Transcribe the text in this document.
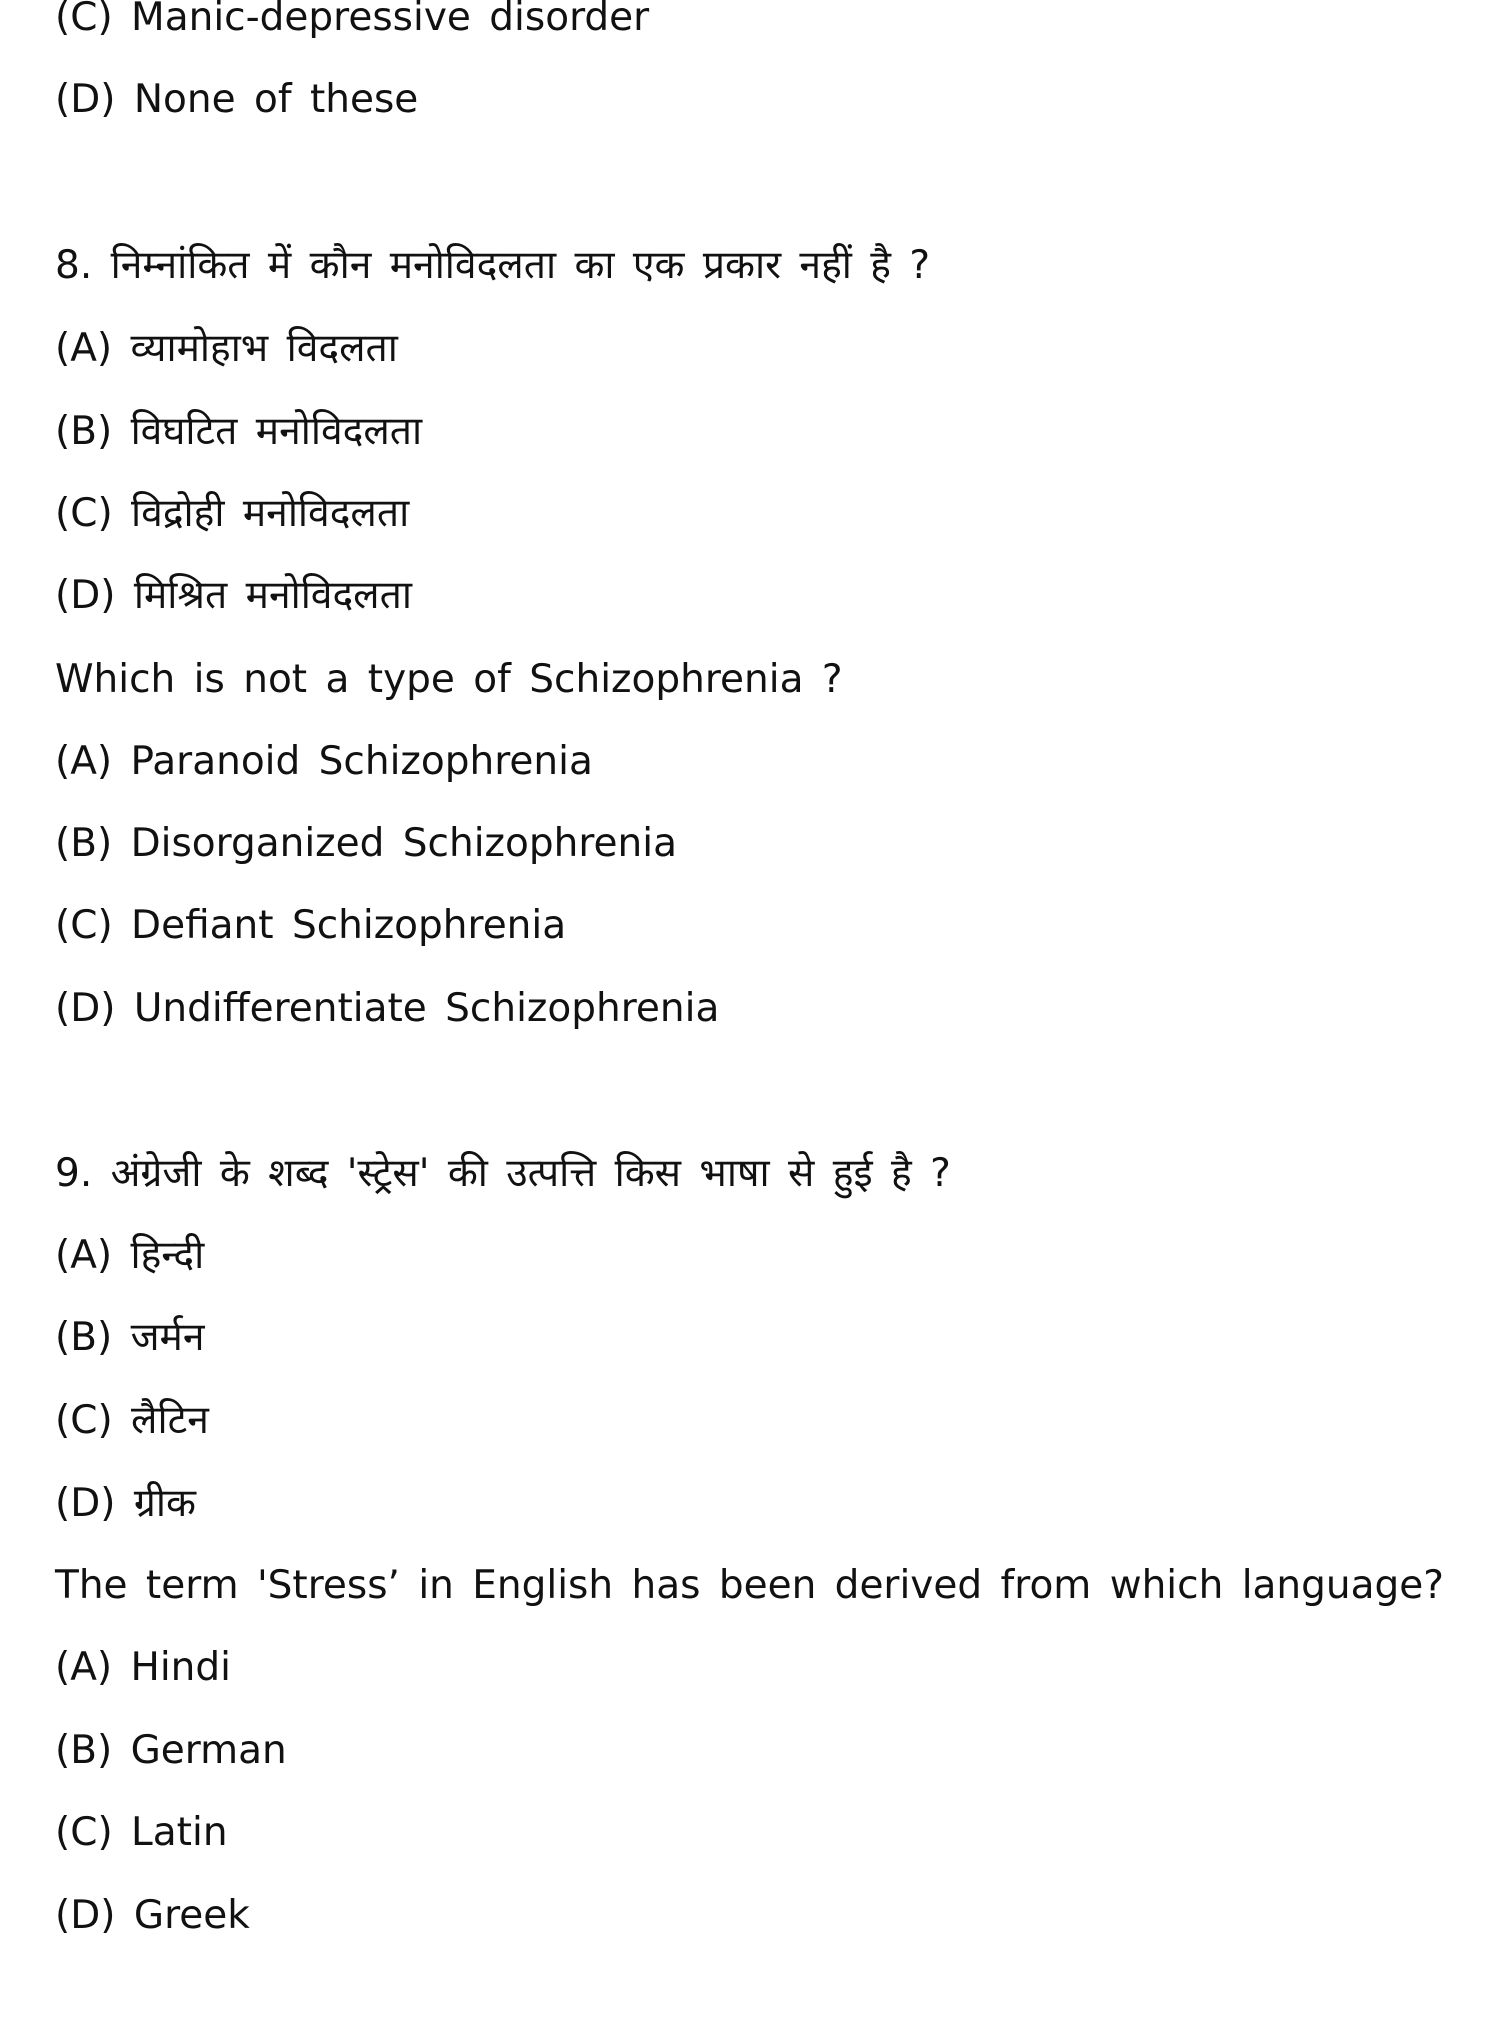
(C) Manic-depressive disorder
(D) None of these
8. निम्नांकित में कौन मनोविदलता का एक प्रकार नहीं है ?
(A) व्यामोहाभ विदलता
(B) विघटित मनोविदलता
(C) विद्रोही मनोविदलता
(D) मिश्रित मनोविदलता
Which is not a type of Schizophrenia ?
(A) Paranoid Schizophrenia
(B) Disorganized Schizophrenia
(C) Defiant Schizophrenia
(D) Undifferentiate Schizophrenia
9. अंग्रेजी के शब्द 'स्ट्रेस' की उत्पत्ति किस भाषा से हुई है ?
(A) हिन्दी
(B) जर्मन
(C) लैटिन
(D) ग्रीक
The term 'Stress’ in English has been derived from which language?
(A) Hindi
(B) German
(C) Latin
(D) Greek
